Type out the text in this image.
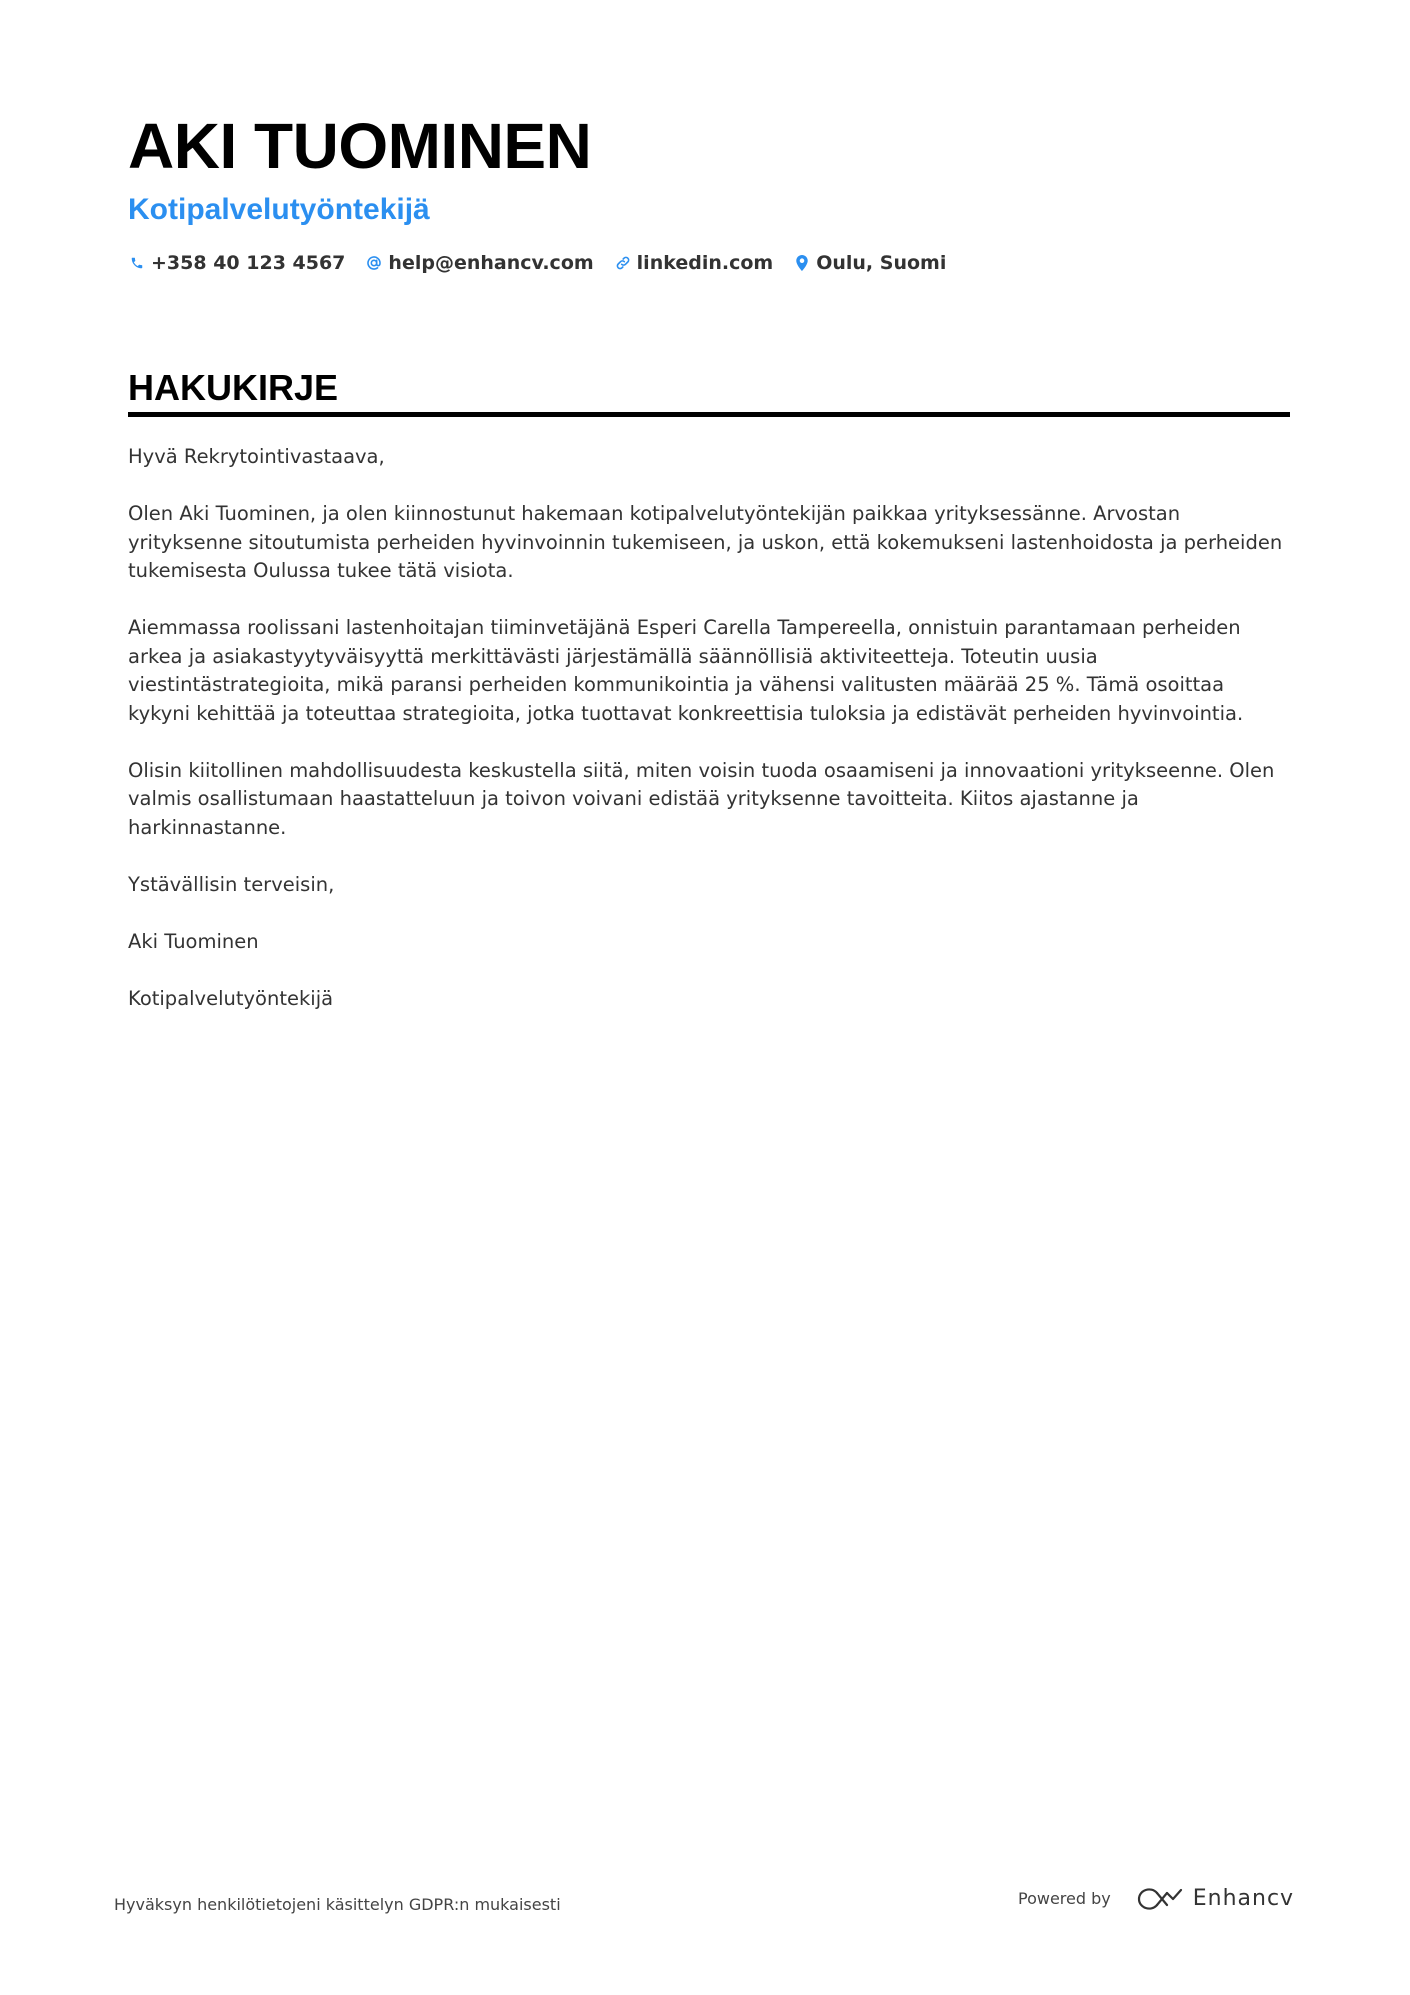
AKI TUOMINEN
Kotipalvelutyöntekijä
+358 40 123 4567 help@enhancv.com linkedin.com Oulu, Suomi
HAKUKIRJE

Hyvä Rekrytointivastaava,

Olen Aki Tuominen, ja olen kiinnostunut hakemaan kotipalvelutyöntekijän paikkaa yrityksessänne. Arvostan yrityksenne sitoutumista perheiden hyvinvoinnin tukemiseen, ja uskon, että kokemukseni lastenhoidosta ja perheiden tukemisesta Oulussa tukee tätä visiota.

Aiemmassa roolissani lastenhoitajan tiiminvetäjänä Esperi Carella Tampereella, onnistuin parantamaan perheiden arkea ja asiakastyytyväisyyttä merkittävästi järjestämällä säännöllisiä aktiviteetteja. Toteutin uusia viestintästrategioita, mikä paransi perheiden kommunikointia ja vähensi valitusten määrää 25 %. Tämä osoittaa kykyni kehittää ja toteuttaa strategioita, jotka tuottavat konkreettisia tuloksia ja edistävät perheiden hyvinvointia.

Olisin kiitollinen mahdollisuudesta keskustella siitä, miten voisin tuoda osaamiseni ja innovaationi yritykseenne. Olen valmis osallistumaan haastatteluun ja toivon voivani edistää yrityksenne tavoitteita. Kiitos ajastanne ja harkinnastanne.

Ystävällisin terveisin,

Aki Tuominen

Kotipalvelutyöntekijä

Hyväksyn henkilötietojeni käsittelyn GDPR:n mukaisesti	Powered by	Enhancv
